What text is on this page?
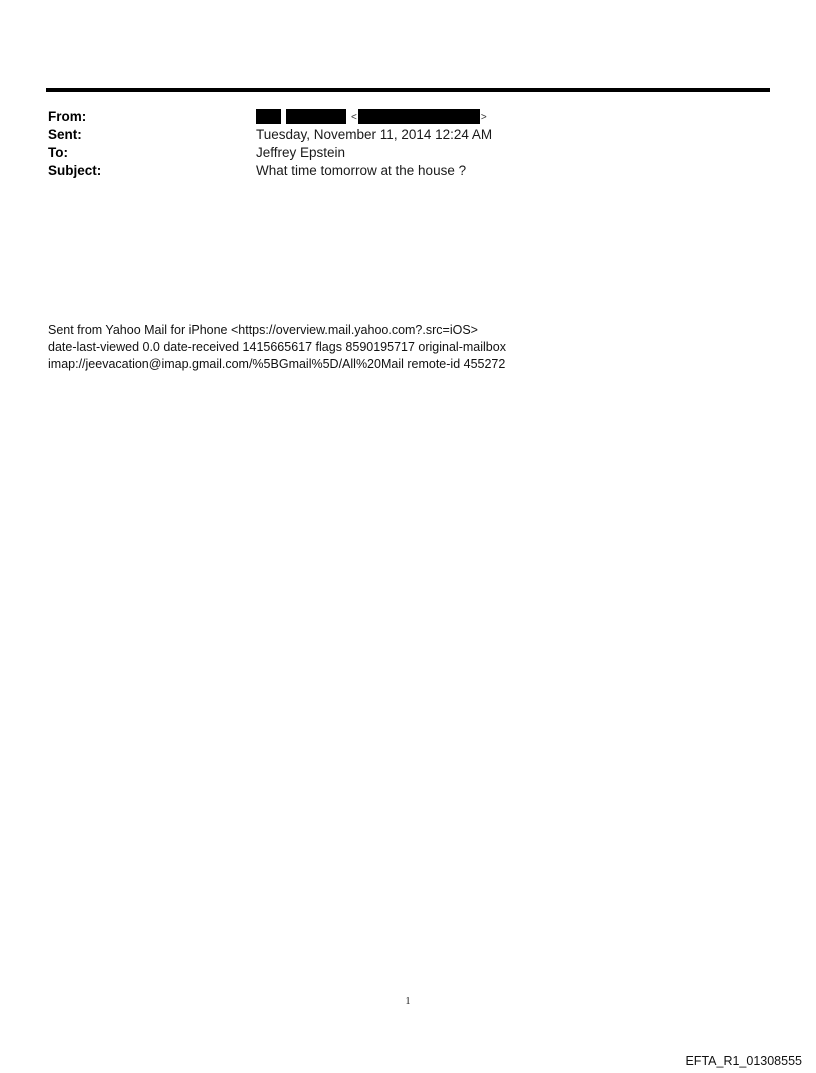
From:	<	>
Sent:	Tuesday, November 11, 2014 12:24 AM
To:	Jeffrey Epstein
Subject:	What time tomorrow at the house ?
Sent from Yahoo Mail for iPhone <https://overview.mail.yahoo.com?.src=iOS>
date-last-viewed 0.0 date-received 1415665617 flags 8590195717 original-mailbox
imap://jeevacation@imap.gmail.com/%5BGmail%5D/All%20Mail remote-id 455272
1
EFTA_R1_01308555
